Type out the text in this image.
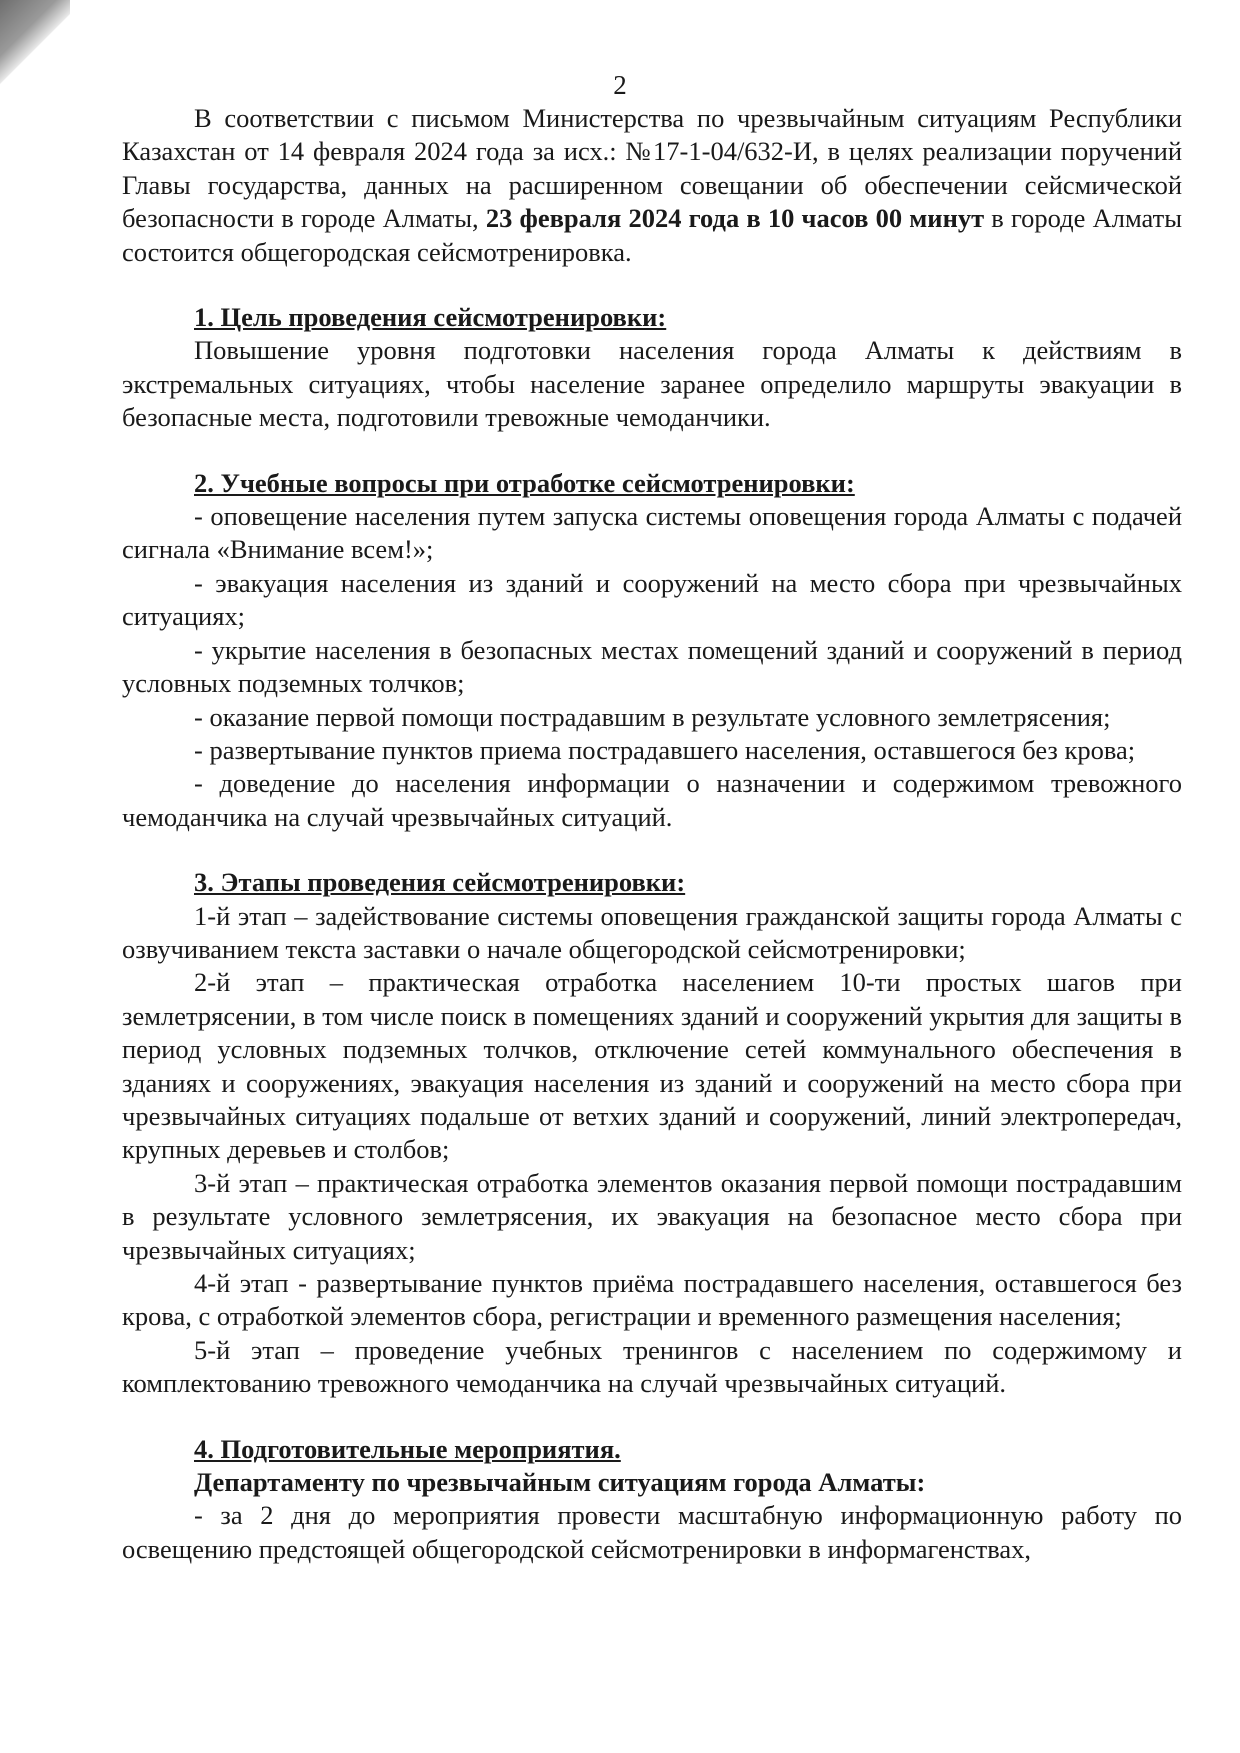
2

В соответствии с письмом Министерства по чрезвычайным ситуациям Республики Казахстан от 14 февраля 2024 года за исх.: №17-1-04/632-И, в целях реализации поручений Главы государства, данных на расширенном совещании об обеспечении сейсмической безопасности в городе Алматы, 23 февраля 2024 года в 10 часов 00 минут в городе Алматы состоится общегородская сейсмотренировка.

1. Цель проведения сейсмотренировки:

Повышение уровня подготовки населения города Алматы к действиям в экстремальных ситуациях, чтобы население заранее определило маршруты эвакуации в безопасные места, подготовили тревожные чемоданчики.

2. Учебные вопросы при отработке сейсмотренировки:

- оповещение населения путем запуска системы оповещения города Алматы с подачей сигнала «Внимание всем!»;

- эвакуация населения из зданий и сооружений на место сбора при чрезвычайных ситуациях;

- укрытие населения в безопасных местах помещений зданий и сооружений в период условных подземных толчков;

- оказание первой помощи пострадавшим в результате условного землетрясения;

- развертывание пунктов приема пострадавшего населения, оставшегося без крова;

- доведение до населения информации о назначении и содержимом тревожного чемоданчика на случай чрезвычайных ситуаций.

3. Этапы проведения сейсмотренировки:

1-й этап – задействование системы оповещения гражданской защиты города Алматы с озвучиванием текста заставки о начале общегородской сейсмотренировки;

2-й этап – практическая отработка населением 10-ти простых шагов при землетрясении, в том числе поиск в помещениях зданий и сооружений укрытия для защиты в период условных подземных толчков, отключение сетей коммунального обеспечения в зданиях и сооружениях, эвакуация населения из зданий и сооружений на место сбора при чрезвычайных ситуациях подальше от ветхих зданий и сооружений, линий электропередач, крупных деревьев и столбов;

3-й этап – практическая отработка элементов оказания первой помощи пострадавшим в результате условного землетрясения, их эвакуация на безопасное место сбора при чрезвычайных ситуациях;

4-й этап - развертывание пунктов приёма пострадавшего населения, оставшегося без крова, с отработкой элементов сбора, регистрации и временного размещения населения;

5-й этап – проведение учебных тренингов с населением по содержимому и комплектованию тревожного чемоданчика на случай чрезвычайных ситуаций.

4. Подготовительные мероприятия.
Департаменту по чрезвычайным ситуациям города Алматы:

- за 2 дня до мероприятия провести масштабную информационную работу по освещению предстоящей общегородской сейсмотренировки в информагенствах,
